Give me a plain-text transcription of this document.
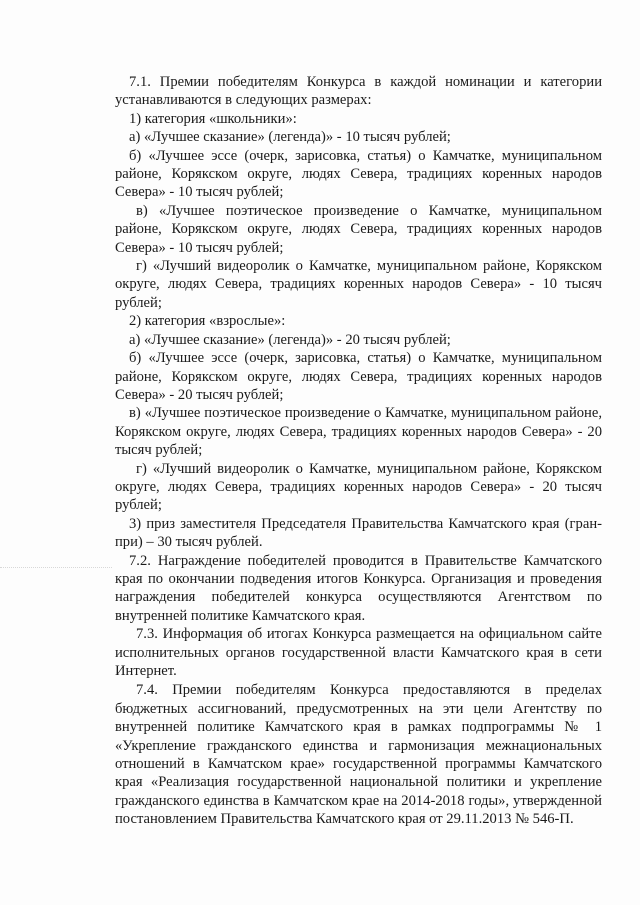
7.1. Премии победителям Конкурса в каждой номинации и категории устанавливаются в следующих размерах:

1) категория «школьники»:

а) «Лучшее сказание» (легенда)» - 10 тысяч рублей;

б) «Лучшее эссе (очерк, зарисовка, статья) о Камчатке, муниципальном районе, Корякском округе, людях Севера, традициях коренных народов Севера» - 10 тысяч рублей;

в) «Лучшее поэтическое произведение о Камчатке, муниципальном районе, Корякском округе, людях Севера, традициях коренных народов Севера» - 10 тысяч рублей;

г) «Лучший видеоролик о Камчатке, муниципальном районе, Корякском округе, людях Севера, традициях коренных народов Севера» - 10 тысяч рублей;

2) категория «взрослые»:

а) «Лучшее сказание» (легенда)» - 20 тысяч рублей;

б) «Лучшее эссе (очерк, зарисовка, статья) о Камчатке, муниципальном районе, Корякском округе, людях Севера, традициях коренных народов Севера» - 20 тысяч рублей;

в) «Лучшее поэтическое произведение о Камчатке, муниципальном районе, Корякском округе, людях Севера, традициях коренных народов Севера» - 20 тысяч рублей;

г) «Лучший видеоролик о Камчатке, муниципальном районе, Корякском округе, людях Севера, традициях коренных народов Севера» - 20 тысяч рублей;

3) приз заместителя Председателя Правительства Камчатского края (гран-при) – 30 тысяч рублей.

7.2. Награждение победителей проводится в Правительстве Камчатского края по окончании подведения итогов Конкурса. Организация и проведения награждения победителей конкурса осуществляются Агентством по внутренней политике Камчатского края.

7.3. Информация об итогах Конкурса размещается на официальном сайте исполнительных органов государственной власти Камчатского края в сети Интернет.

7.4. Премии победителям Конкурса предоставляются в пределах бюджетных ассигнований, предусмотренных на эти цели Агентству по внутренней политике Камчатского края в рамках подпрограммы № 1 «Укрепление гражданского единства и гармонизация межнациональных отношений в Камчатском крае» государственной программы Камчатского края «Реализация государственной национальной политики и укрепление гражданского единства в Камчатском крае на 2014-2018 годы», утвержденной постановлением Правительства Камчатского края от 29.11.2013 № 546-П.
